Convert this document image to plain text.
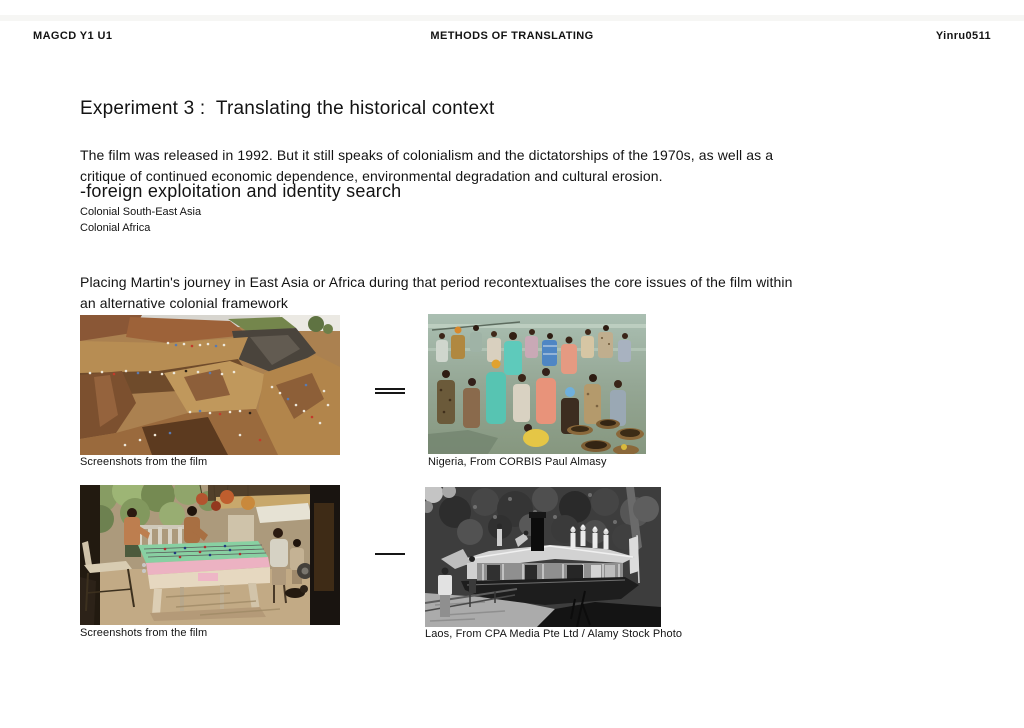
MAGCD Y1 U1	METHODS OF TRANSLATING	Yinru0511
Experiment 3 :  Translating the historical context
The film was released in 1992. But it still speaks of colonialism and the dictatorships of the 1970s, as well as a
critique of continued economic dependence, environmental degradation and cultural erosion.
-foreign exploitation and identity search
Colonial South-East Asia
Colonial Africa
Placing Martin's journey in East Asia or Africa during that period recontextualises the core issues of the film within
an alternative colonial framework
Screenshots from the film	Nigeria, From CORBIS Paul Almasy
Screenshots from the film	Laos, From CPA Media Pte Ltd / Alamy Stock Photo
